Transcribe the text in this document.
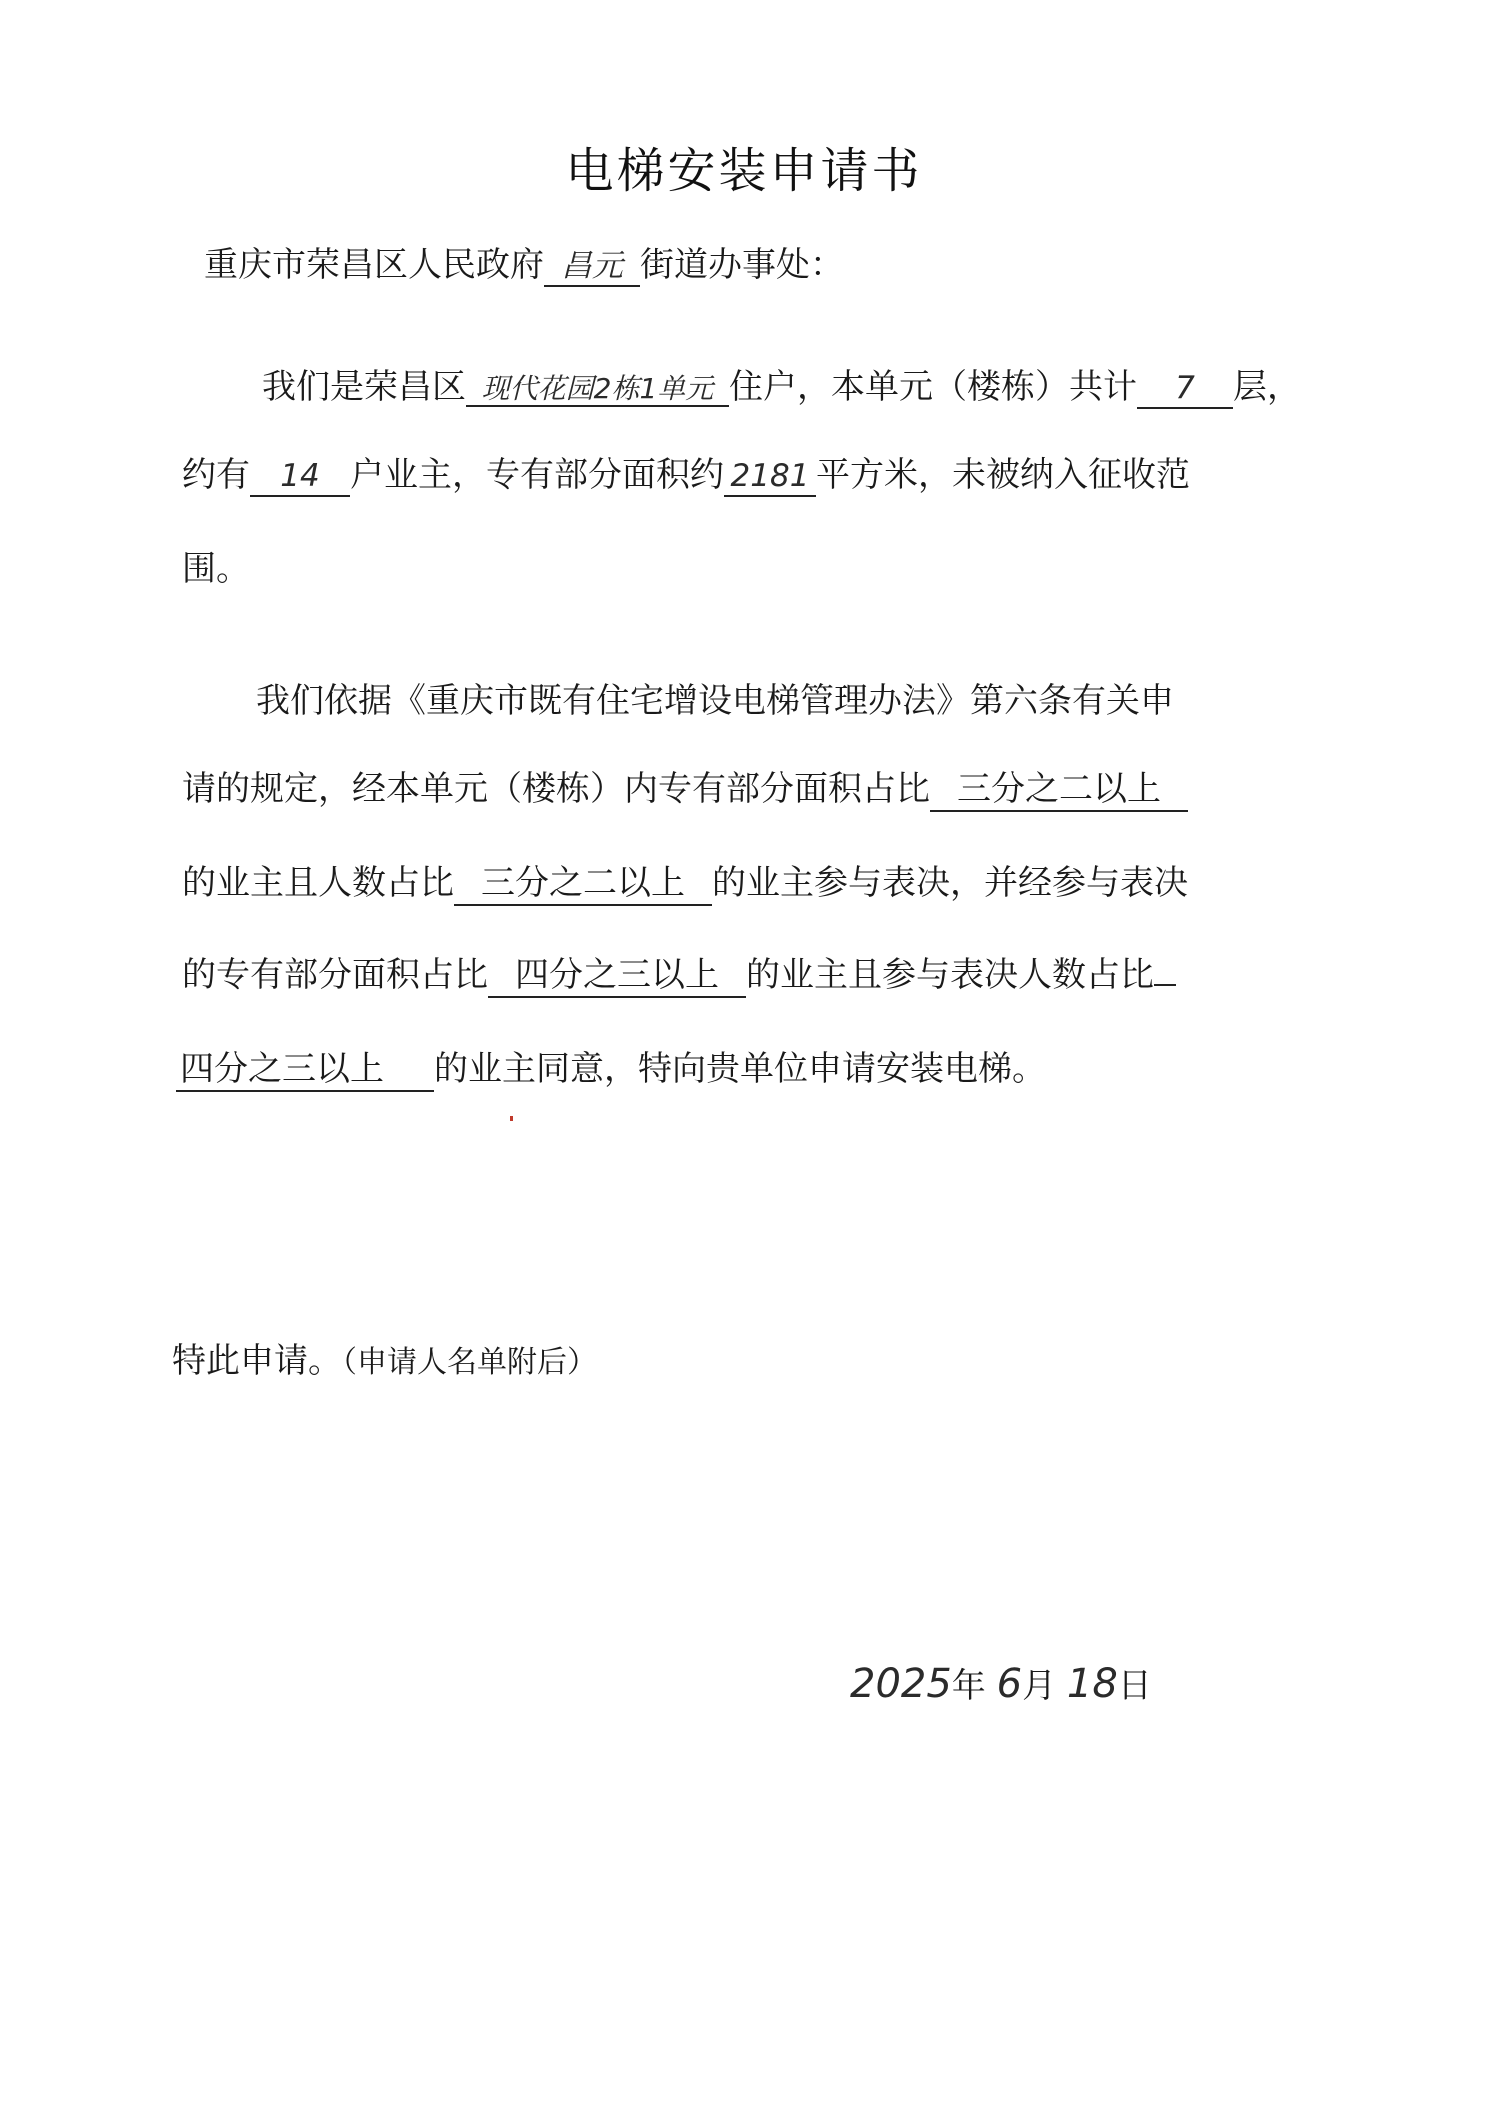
电梯安装申请书
重庆市荣昌区人民政府 昌元 街道办事处：
我们是荣昌区 现代花园2栋1单元 住户，本单元（楼栋）共计 7 层，
约有 14 户业主，专有部分面积约 2181 平方米，未被纳入征收范
围。
我们依据《重庆市既有住宅增设电梯管理办法》第六条有关申
请的规定，经本单元（楼栋）内专有部分面积占比 三分之二以上
的业主且人数占比 三分之二以上 的业主参与表决，并经参与表决
的专有部分面积占比 四分之三以上 的业主且参与表决人数占比
四分之三以上 的业主同意，特向贵单位申请安装电梯。
特此申请。（申请人名单附后）
2025年 6月 18日
